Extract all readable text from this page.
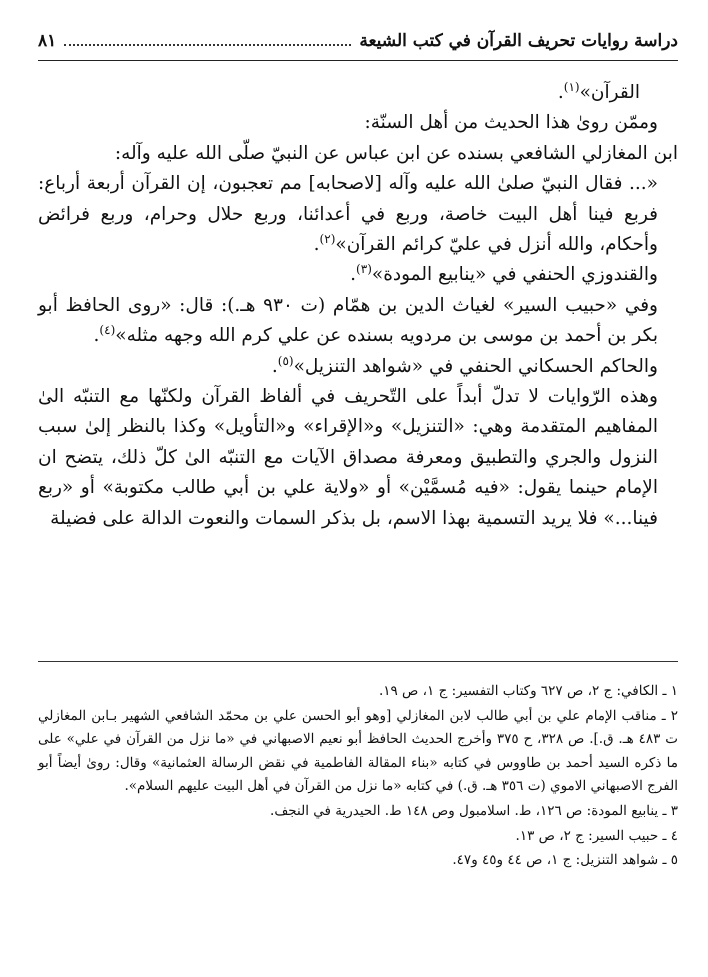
دراسة روايات تحريف القرآن في كتب الشيعة
٨١

القرآن»$^{(١)}$.

وممّن روىٰ هذا الحديث من أهل السنّة:

ابن المغازلي الشافعي بسنده عن ابن عباس عن النبيّ صلّى الله عليه وآله:

«... فقال النبيّ صلىٰ الله عليه وآله [لاصحابه] مم تعجبون، إن القرآن أربعة أرباع: فربع فينا أهل البيت خاصة، وربع في أعدائنا، وربع حلال وحرام، وربع فرائض وأحكام، والله أنزل في عليّ كرائم القرآن»$^{(٢)}$.

والقندوزي الحنفي في «ينابيع المودة»$^{(٣)}$.

وفي «حبيب السير» لغياث الدين بن همّام (ت ٩٣٠ هـ.): قال: «روى الحافظ أبو بكر بن أحمد بن موسى بن مردويه بسنده عن علي كرم الله وجهه مثله»$^{(٤)}$.

والحاكم الحسكاني الحنفي في «شواهد التنزيل»$^{(٥)}$.

وهذه الرّوايات لا تدلّ أبداً على التّحريف في ألفاظ القرآن ولكنّها مع التنبّه الىٰ المفاهيم المتقدمة وهي: «التنزيل» و«الإقراء» و«التأويل» وكذا بالنظر إلىٰ سبب النزول والجري والتطبيق ومعرفة مصداق الآيات مع التنبّه الىٰ كلّ ذلك، يتضح ان الإمام حينما يقول: «فيه مُسمَّيْن» أو «ولاية علي بن أبي طالب مكتوبة» أو «ربع فينا...» فلا يريد التسمية بهذا الاسم، بل بذكر السمات والنعوت الدالة على فضيلة

١ ـ الكافي: ج ٢، ص ٦٢٧ وكتاب التفسير: ج ١، ص ١٩.

٢ ـ مناقب الإمام علي بن أبي طالب لابن المغازلي [وهو أبو الحسن علي بن محمّد الشافعي الشهير بـابن المغازلي ت ٤٨٣ هـ. ق.]. ص ٣٢٨، ح ٣٧٥ وأخرج الحديث الحافظ أبو نعيم الاصبهاني في «ما نزل من القرآن في علي» على ما ذكره السيد أحمد بن طاووس في كتابه «بناء المقالة الفاطمية في نقض الرسالة العثمانية» وقال: روىٰ أيضاً أبو الفرج الاصبهاني الاموي (ت ٣٥٦ هـ. ق.) في كتابه «ما نزل من القرآن في أهل البيت عليهم السلام».

٣ ـ ينابيع المودة: ص ١٢٦، ط. اسلامبول وص ١٤٨ ط. الحيدرية في النجف.

٤ ـ حبيب السير: ج ٢، ص ١٣.

٥ ـ شواهد التنزيل: ج ١، ص ٤٤ و٤٥ و٤٧.
